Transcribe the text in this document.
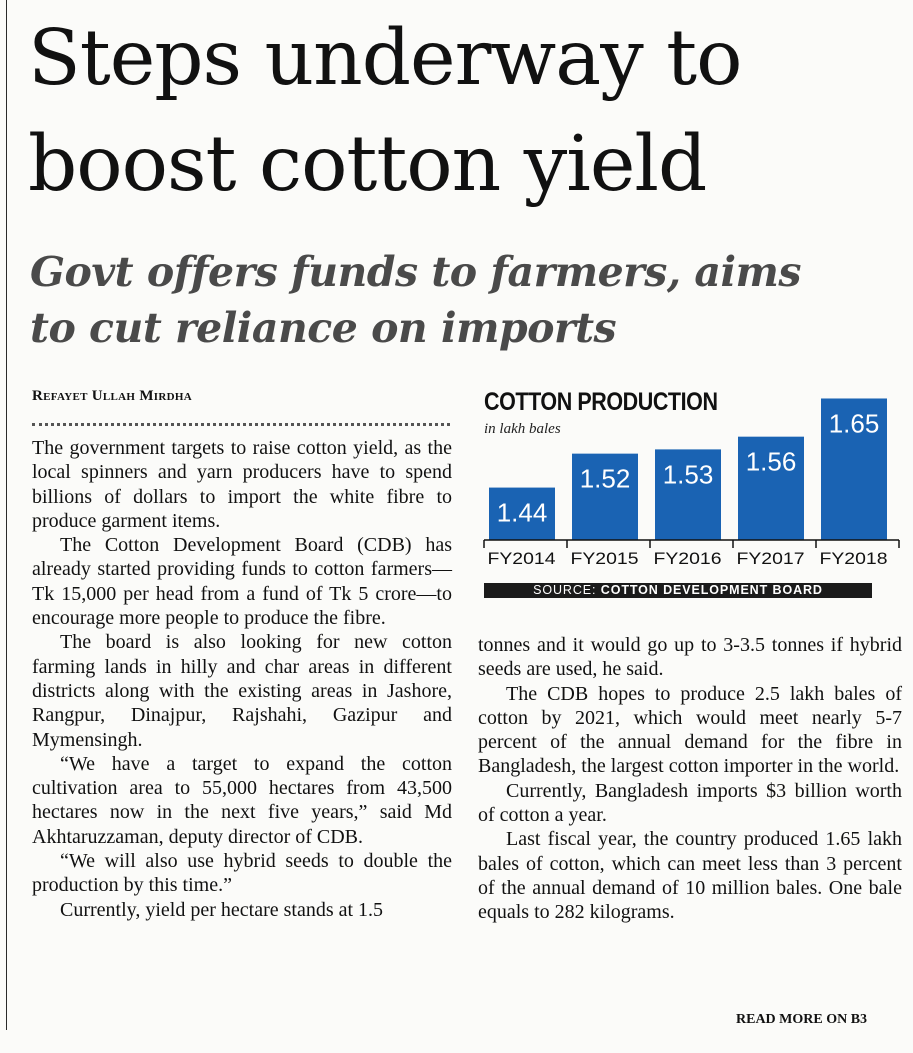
Steps underway to
boost cotton yield
Govt offers funds to farmers, aims
to cut reliance on imports
Refayet Ullah Mirdha

The government targets to raise cotton yield, as the local spinners and yarn producers have to spend billions of dollars to import the white fibre to produce garment items.

The Cotton Development Board (CDB) has already started providing funds to cotton farmers—Tk 15,000 per head from a fund of Tk 5 crore—to encourage more people to produce the fibre.

The board is also looking for new cotton farming lands in hilly and char areas in different districts along with the existing areas in Jashore, Rangpur, Dinajpur, Rajshahi, Gazipur and Mymensingh.

“We have a target to expand the cotton cultivation area to 55,000 hectares from 43,500 hectares now in the next five years,” said Md Akhtaruzzaman, deputy director of CDB.

“We will also use hybrid seeds to double the production by this time.”

Currently, yield per hectare stands at 1.5

tonnes and it would go up to 3-3.5 tonnes if hybrid seeds are used, he said.

The CDB hopes to produce 2.5 lakh bales of cotton by 2021, which would meet nearly 5-7 percent of the annual demand for the fibre in Bangladesh, the largest cotton importer in the world.

Currently, Bangladesh imports $3 billion worth of cotton a year.

Last fiscal year, the country produced 1.65 lakh bales of cotton, which can meet less than 3 percent of the annual demand of 10 million bales. One bale equals to 282 kilograms.

READ MORE ON B3
COTTON PRODUCTION
in lakh bales
1.44
1.52 1.53 1.56
1.65
FY2014 FY2015 FY2016 FY2017 FY2018
SOURCE: COTTON DEVELOPMENT BOARD
